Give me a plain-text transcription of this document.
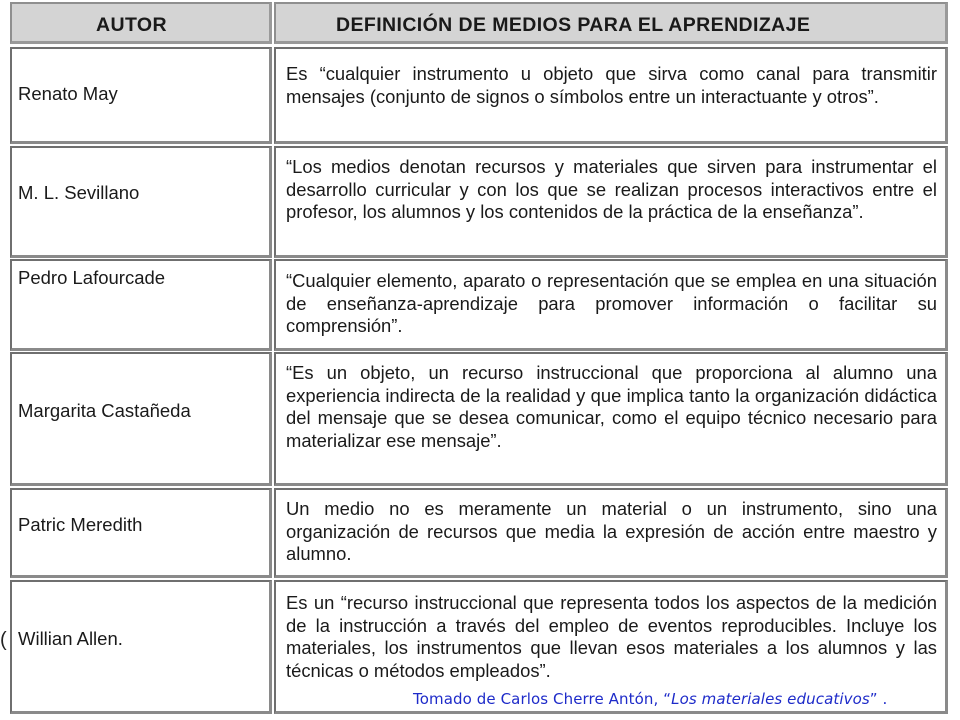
(
AUTOR	DEFINICIÓN DE MEDIOS PARA EL APRENDIZAJE
Renato May
Es “cualquier instrumento u objeto que sirva como canal para transmitir mensajes (conjunto de signos o símbolos entre un interactuante y otros”.
M. L. Sevillano
“Los medios denotan recursos y materiales que sirven para instrumentar el desarrollo curricular y con los que se realizan procesos interactivos entre el profesor, los alumnos y los contenidos de la práctica de la enseñanza”.
Pedro Lafourcade	“Cualquier elemento, aparato o representación que se emplea en una situación de enseñanza-aprendizaje para promover información o facilitar su comprensión”.
Margarita Castañeda
“Es un objeto, un recurso instruccional que proporciona al alumno una experiencia indirecta de la realidad y que implica tanto la organización didáctica del mensaje que se desea comunicar, como el equipo técnico necesario para materializar ese mensaje”.
Patric Meredith
Un medio no es meramente un material o un instrumento, sino una organización de recursos que media la expresión de acción entre maestro y alumno.
Willian Allen.
Es un “recurso instruccional que representa todos los aspectos de la medición de la instrucción a través del empleo de eventos reproducibles. Incluye los materiales, los instrumentos que llevan esos materiales a los alumnos y las técnicas o métodos empleados”.
Tomado de Carlos Cherre Antón, “Los materiales educativos” .
